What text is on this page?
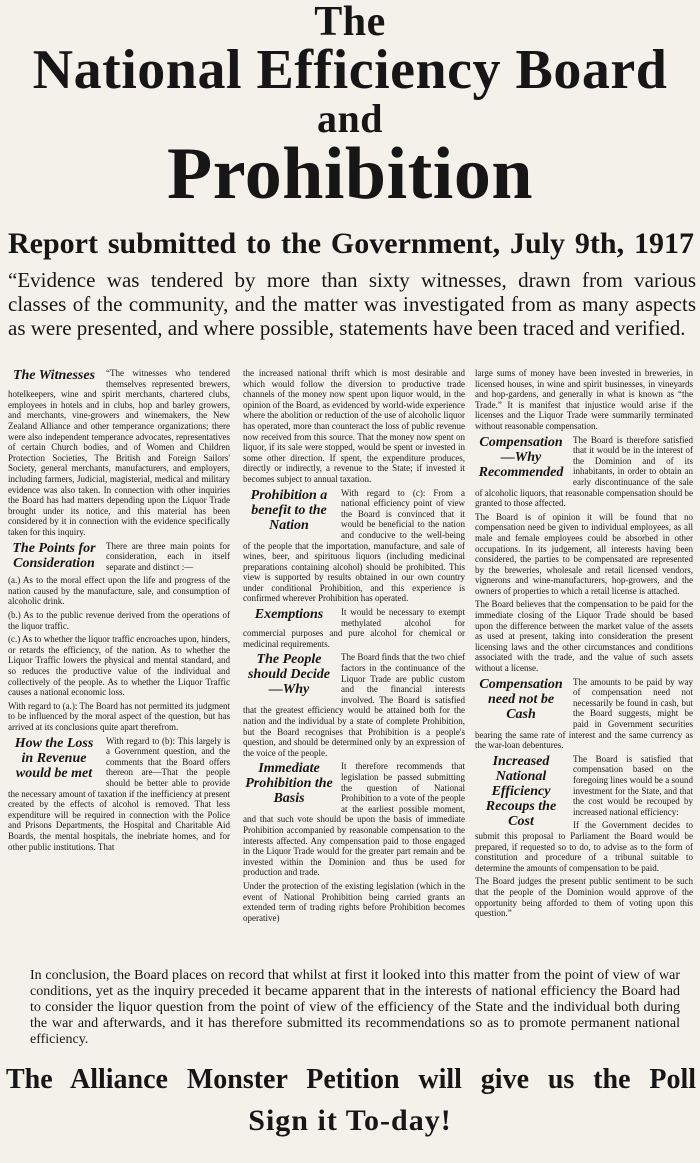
The
National Efficiency Board
and
Prohibition
Report submitted to the Government, July 9th, 1917
“Evidence was tendered by more than sixty witnesses, drawn from various classes of the community, and the matter was investigated from as many aspects as were presented, and where possible, statements have been traced and verified.
The Witnesses	“The witnesses who tendered themselves represented brewers, hotelkeepers, wine and spirit merchants, chartered clubs, employees in hotels and in clubs, hop and barley growers, and merchants, vine-growers and winemakers, the New Zealand Alliance and other temperance organizations; there were also independent temperance advocates, representatives of certain Church bodies, and of Women and Children Protection Societies, The British and Foreign Sailors' Society, general merchants, manufacturers, and employers, including farmers, Judicial, magisterial, medical and military evidence was also taken. In connection with other inquiries the Board has had matters depending upon the Liquor Trade brought under its notice, and this material has been considered by it in connection with the evidence specifically taken for this inquiry.

The Points for Consideration

There are three main points for consideration, each in itself separate and distinct :—

(a.) As to the moral effect upon the life and progress of the nation caused by the manufacture, sale, and consumption of alcoholic drink.

(b.) As to the public revenue derived from the operations of the liquor traffic.

(c.) As to whether the liquor traffic encroaches upon, hinders, or retards the efficiency, of the nation. As to whether the Liquor Traffic lowers the physical and mental standard, and so reduces the productive value of the individual and collectively of the people. As to whether the Liquor Traffic causes a national economic loss.

With regard to (a.): The Board has not permitted its judgment to be influenced by the moral aspect of the question, but has arrived at its conclusions quite apart therefrom.

How the Loss in Revenue would be met

With regard to (b): This largely is a Government question, and the comments that the Board offers thereon are—That the people should be better able to provide the necessary amount of taxation if the inefficiency at present created by the effects of alcohol is removed. That less expenditure will be required in connection with the Police and Prisons Departments, the Hospital and Charitable Aid Boards, the mental hospitals, the inebriate homes, and for other public institutions. That

the increased national thrift which is most desirable and which would follow the diversion to productive trade channels of the money now spent upon liquor would, in the opinion of the Board, as evidenced by world-wide experience where the abolition or reduction of the use of alcoholic liquor has operated, more than counteract the loss of public revenue now received from this source. That the money now spent on liquor, if its sale were stopped, would be spent or invested in some other direction. If spent, the expenditure produces, directly or indirectly, a revenue to the State; if invested it becomes subject to annual taxation.

Prohibition a benefit to the Nation

With regard to (c): From a national efficiency point of view the Board is convinced that it would be beneficial to the nation and conducive to the well-being of the people that the importation, manufacture, and sale of wines, beer, and spirituous liquors (including medicinal preparations containing alcohol) should be prohibited. This view is supported by results obtained in our own country under conditional Prohibition, and this experience is confirmed wherever Prohibition has operated.

Exemptions	It would be necessary to exempt methylated alcohol for commercial purposes and pure alcohol for chemical or medicinal requirements.

The People should Decide—Why

The Board finds that the two chief factors in the continuance of the Liquor Trade are public custom and the financial interests involved. The Board is satisfied that the greatest efficiency would be attained both for the nation and the individual by a state of complete Prohibition, but the Board recognises that Prohibition is a people's question, and should be determined only by an expression of the voice of the people.

Immediate Prohibition the Basis

It therefore recommends that legislation be passed submitting the question of National Prohibition to a vote of the people at the earliest possible moment, and that such vote should be upon the basis of immediate Prohibition accompanied by reasonable compensation to the interests affected. Any compensation paid to those engaged in the Liquor Trade would for the greater part remain and be invested within the Dominion and thus be used for production and trade.

Under the protection of the existing legislation (which in the event of National Prohibition being carried grants an extended term of trading rights before Prohibition becomes operative)

large sums of money have been invested in breweries, in licensed houses, in wine and spirit businesses, in vineyards and hop-gardens, and generally in what is known as “the Trade.” It is manifest that injustice would arise if the licenses and the Liquor Trade were summarily terminated without reasonable compensation.

Compensation—Why Recommended

The Board is therefore satisfied that it would be in the interest of the Dominion and of its inhabitants, in order to obtain an early discontinuance of the sale of alcoholic liquors, that reasonable compensation should be granted to those affected.

The Board is of opinion it will be found that no compensation need be given to individual employees, as all male and female employees could be absorbed in other occupations. In its judgement, all interests having been considered, the parties to be compensated are represented by the breweries, wholesale and retail licensed vendors, vignerons and wine-manufacturers, hop-growers, and the owners of properties to which a retail license is attached.

The Board believes that the compensation to be paid for the immediate closing of the Liquor Trade should be based upon the difference between the market value of the assets as used at present, taking into consideration the present licensing laws and the other circumstances and conditions associated with the trade, and the value of such assets without a license.

Compensation need not be Cash

The amounts to be paid by way of compensation need not necessarily be found in cash, but the Board suggests, might be paid in Government securities bearing the same rate of interest and the same currency as the war-loan debentures.

Increased National Efficiency Recoups the Cost

The Board is satisfied that compensation based on the foregoing lines would be a sound investment for the State, and that the cost would be recouped by increased national efficiency:

If the Government decides to submit this proposal to Parliament the Board would be prepared, if requested so to do, to advise as to the form of constitution and procedure of a tribunal suitable to determine the amounts of compensation to be paid.

The Board judges the present public sentiment to be such that the people of the Dominion would approve of the opportunity being afforded to them of voting upon this question.”

In conclusion, the Board places on record that whilst at first it looked into this matter from the point of view of war conditions, yet as the inquiry preceded it became apparent that in the interests of national efficiency the Board had to consider the liquor question from the point of view of the efficiency of the State and the individual both during the war and afterwards, and it has therefore submitted its recommendations so as to promote permanent national efficiency.
The Alliance Monster Petition will give us the Poll
Sign it To-day!
